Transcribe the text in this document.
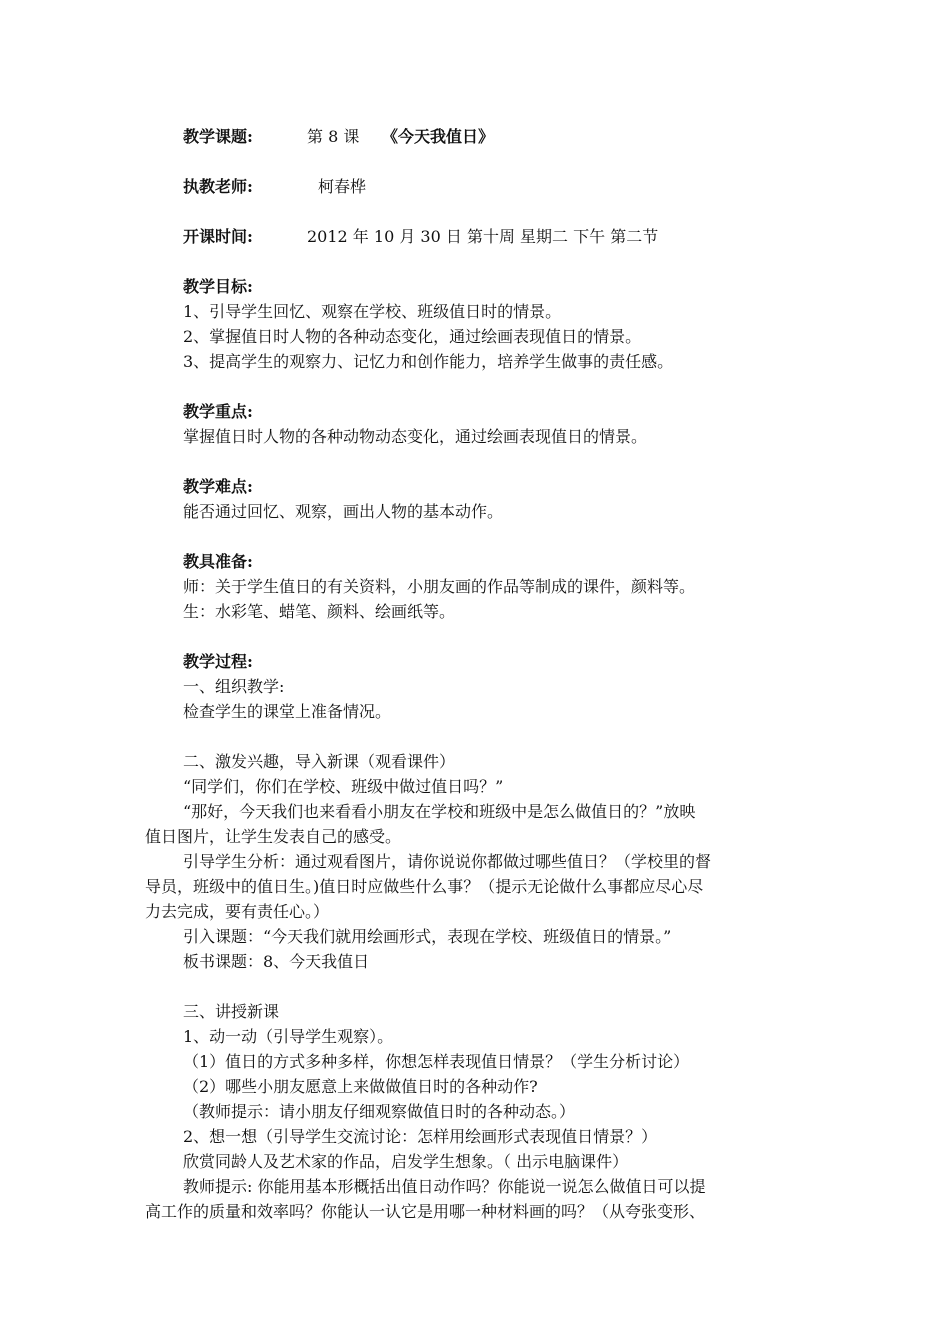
教学课题:	第 8 课 《今天我值日》
执教老师:	柯春桦
开课时间:	2012 年 10 月 30 日 第十周 星期二 下午 第二节
教学目标:
1、引导学生回忆、观察在学校、班级值日时的情景。
2、掌握值日时人物的各种动态变化，通过绘画表现值日的情景。
3、提高学生的观察力、记忆力和创作能力，培养学生做事的责任感。
教学重点:
掌握值日时人物的各种动物动态变化，通过绘画表现值日的情景。
教学难点:
能否通过回忆、观察，画出人物的基本动作。
教具准备:
师：关于学生值日的有关资料，小朋友画的作品等制成的课件，颜料等。
生：水彩笔、蜡笔、颜料、绘画纸等。
教学过程:
一、组织教学:
检查学生的课堂上准备情况。
二、激发兴趣，导入新课（观看课件）
“同学们，你们在学校、班级中做过值日吗？”
“那好，今天我们也来看看小朋友在学校和班级中是怎么做值日的？”放映
值日图片，让学生发表自己的感受。
引导学生分析：通过观看图片，请你说说你都做过哪些值日？（学校里的督
导员，班级中的值日生。)值日时应做些什么事？（提示无论做什么事都应尽心尽
力去完成，要有责任心。）
引入课题：“今天我们就用绘画形式，表现在学校、班级值日的情景。”
板书课题：8、今天我值日
三、讲授新课
1、动一动（引导学生观察）。
（1）值日的方式多种多样，你想怎样表现值日情景？（学生分析讨论）
（2）哪些小朋友愿意上来做做值日时的各种动作?
（教师提示：请小朋友仔细观察做值日时的各种动态。）
2、想一想（引导学生交流讨论：怎样用绘画形式表现值日情景？）
欣赏同龄人及艺术家的作品，启发学生想象。（ 出示电脑课件）
教师提示: 你能用基本形概括出值日动作吗？你能说一说怎么做值日可以提
高工作的质量和效率吗？你能认一认它是用哪一种材料画的吗？（从夸张变形、
